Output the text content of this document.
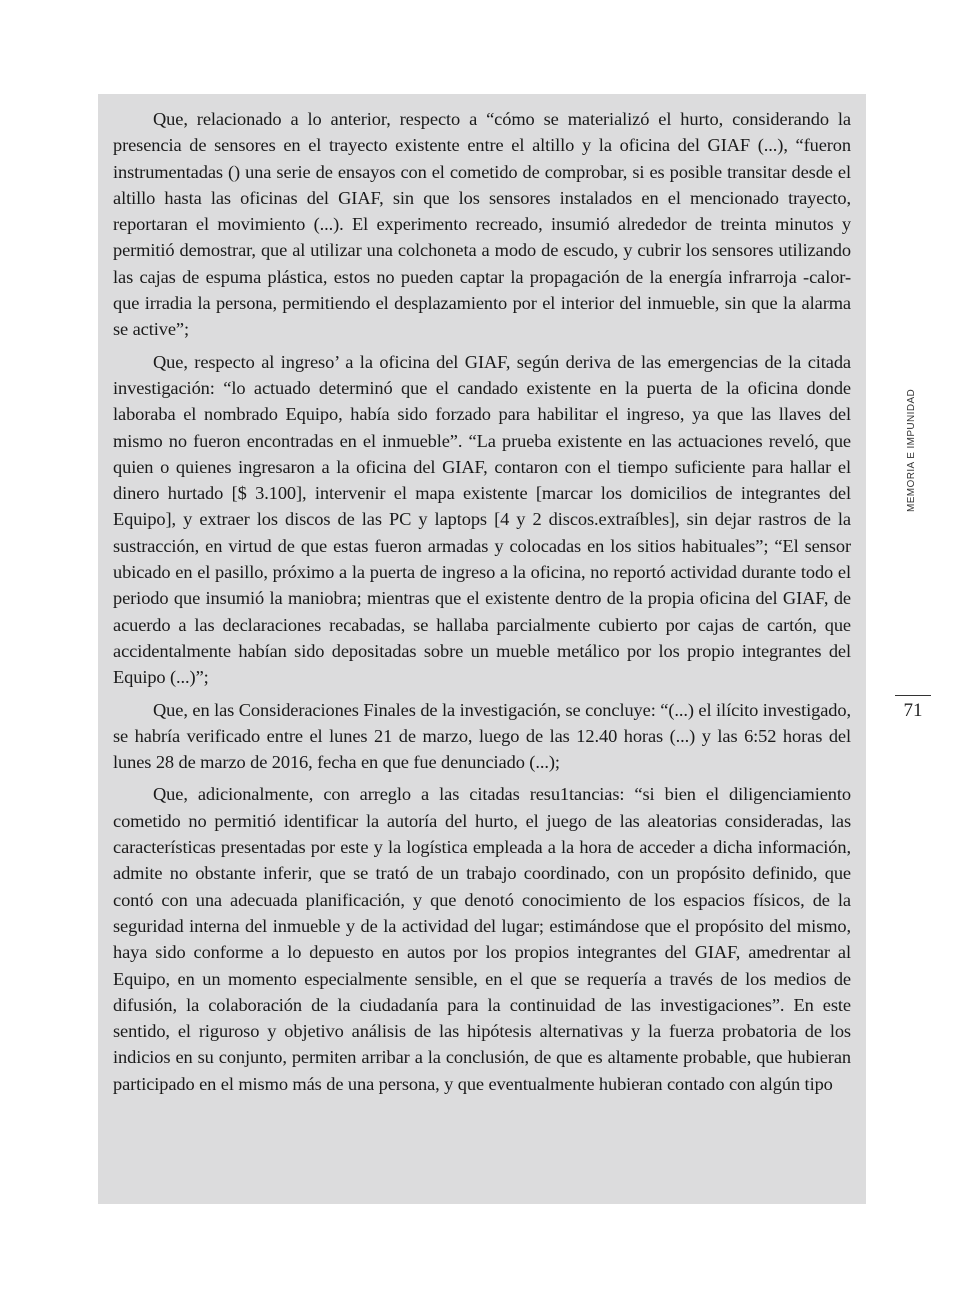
Que, relacionado a lo anterior, respecto a “cómo se materializó el hurto, considerando la presencia de sensores en el trayecto existente entre el altillo y la oficina del GIAF (...), “fueron instrumentadas () una serie de ensayos con el cometido de comprobar, si es posible transitar desde el altillo hasta las oficinas del GIAF, sin que los sensores instalados en el mencionado trayecto, reportaran el movimiento (...). El experimento recreado, insumió alrededor de treinta minutos y permitió demostrar, que al utilizar una colchoneta a modo de escudo, y cubrir los sensores utilizando las cajas de espuma plástica, estos no pueden captar la propagación de la energía infrarroja -calor- que irradia la persona, permitiendo el desplazamiento por el interior del inmueble, sin que la alarma se active”;

Que, respecto al ingreso’ a la oficina del GIAF, según deriva de las emergencias de la citada investigación: “lo actuado determinó que el candado existente en la puerta de la oficina donde laboraba el nombrado Equipo, había sido forzado para habilitar el ingreso, ya que las llaves del mismo no fueron encontradas en el inmueble”. “La prueba existente en las actuaciones reveló, que quien o quienes ingresaron a la oficina del GIAF, contaron con el tiempo suficiente para hallar el dinero hurtado [$ 3.100], intervenir el mapa existente [marcar los domicilios de integrantes del Equipo], y extraer los discos de las PC y laptops [4 y 2 discos.extraíbles], sin dejar rastros de la sustracción, en virtud de que estas fueron armadas y colocadas en los sitios habituales”; “El sensor ubicado en el pasillo, próximo a la puerta de ingreso a la oficina, no reportó actividad durante todo el periodo que insumió la maniobra; mientras que el existente dentro de la propia oficina del GIAF, de acuerdo a las declaraciones recabadas, se hallaba parcialmente cubierto por cajas de cartón, que accidentalmente habían sido depositadas sobre un mueble metálico por los propio integrantes del Equipo (...)”;

Que, en las Consideraciones Finales de la investigación, se concluye: “(...) el ilícito investigado, se habría verificado entre el lunes 21 de marzo, luego de las 12.40 horas (...) y las 6:52 horas del lunes 28 de marzo de 2016, fecha en que fue denunciado (...);

Que, adicionalmente, con arreglo a las citadas resu1tancias: “si bien el diligenciamiento cometido no permitió identificar la autoría del hurto, el juego de las aleatorias consideradas, las características presentadas por este y la logística empleada a la hora de acceder a dicha información, admite no obstante inferir, que se trató de un trabajo coordinado, con un propósito definido, que contó con una adecuada planificación, y que denotó conocimiento de los espacios físicos, de la seguridad interna del inmueble y de la actividad del lugar; estimándose que el propósito del mismo, haya sido conforme a lo depuesto en autos por los propios integrantes del GIAF, amedrentar al Equipo, en un momento especialmente sensible, en el que se requería a través de los medios de difusión, la colaboración de la ciudadanía para la continuidad de las investigaciones”. En este sentido, el riguroso y objetivo análisis de las hipótesis alternativas y la fuerza probatoria de los indicios en su conjunto, permiten arribar a la conclusión, de que es altamente probable, que hubieran participado en el mismo más de una persona, y que eventualmente hubieran contado con algún tipo

MEMORIA E IMPUNIDAD
71
